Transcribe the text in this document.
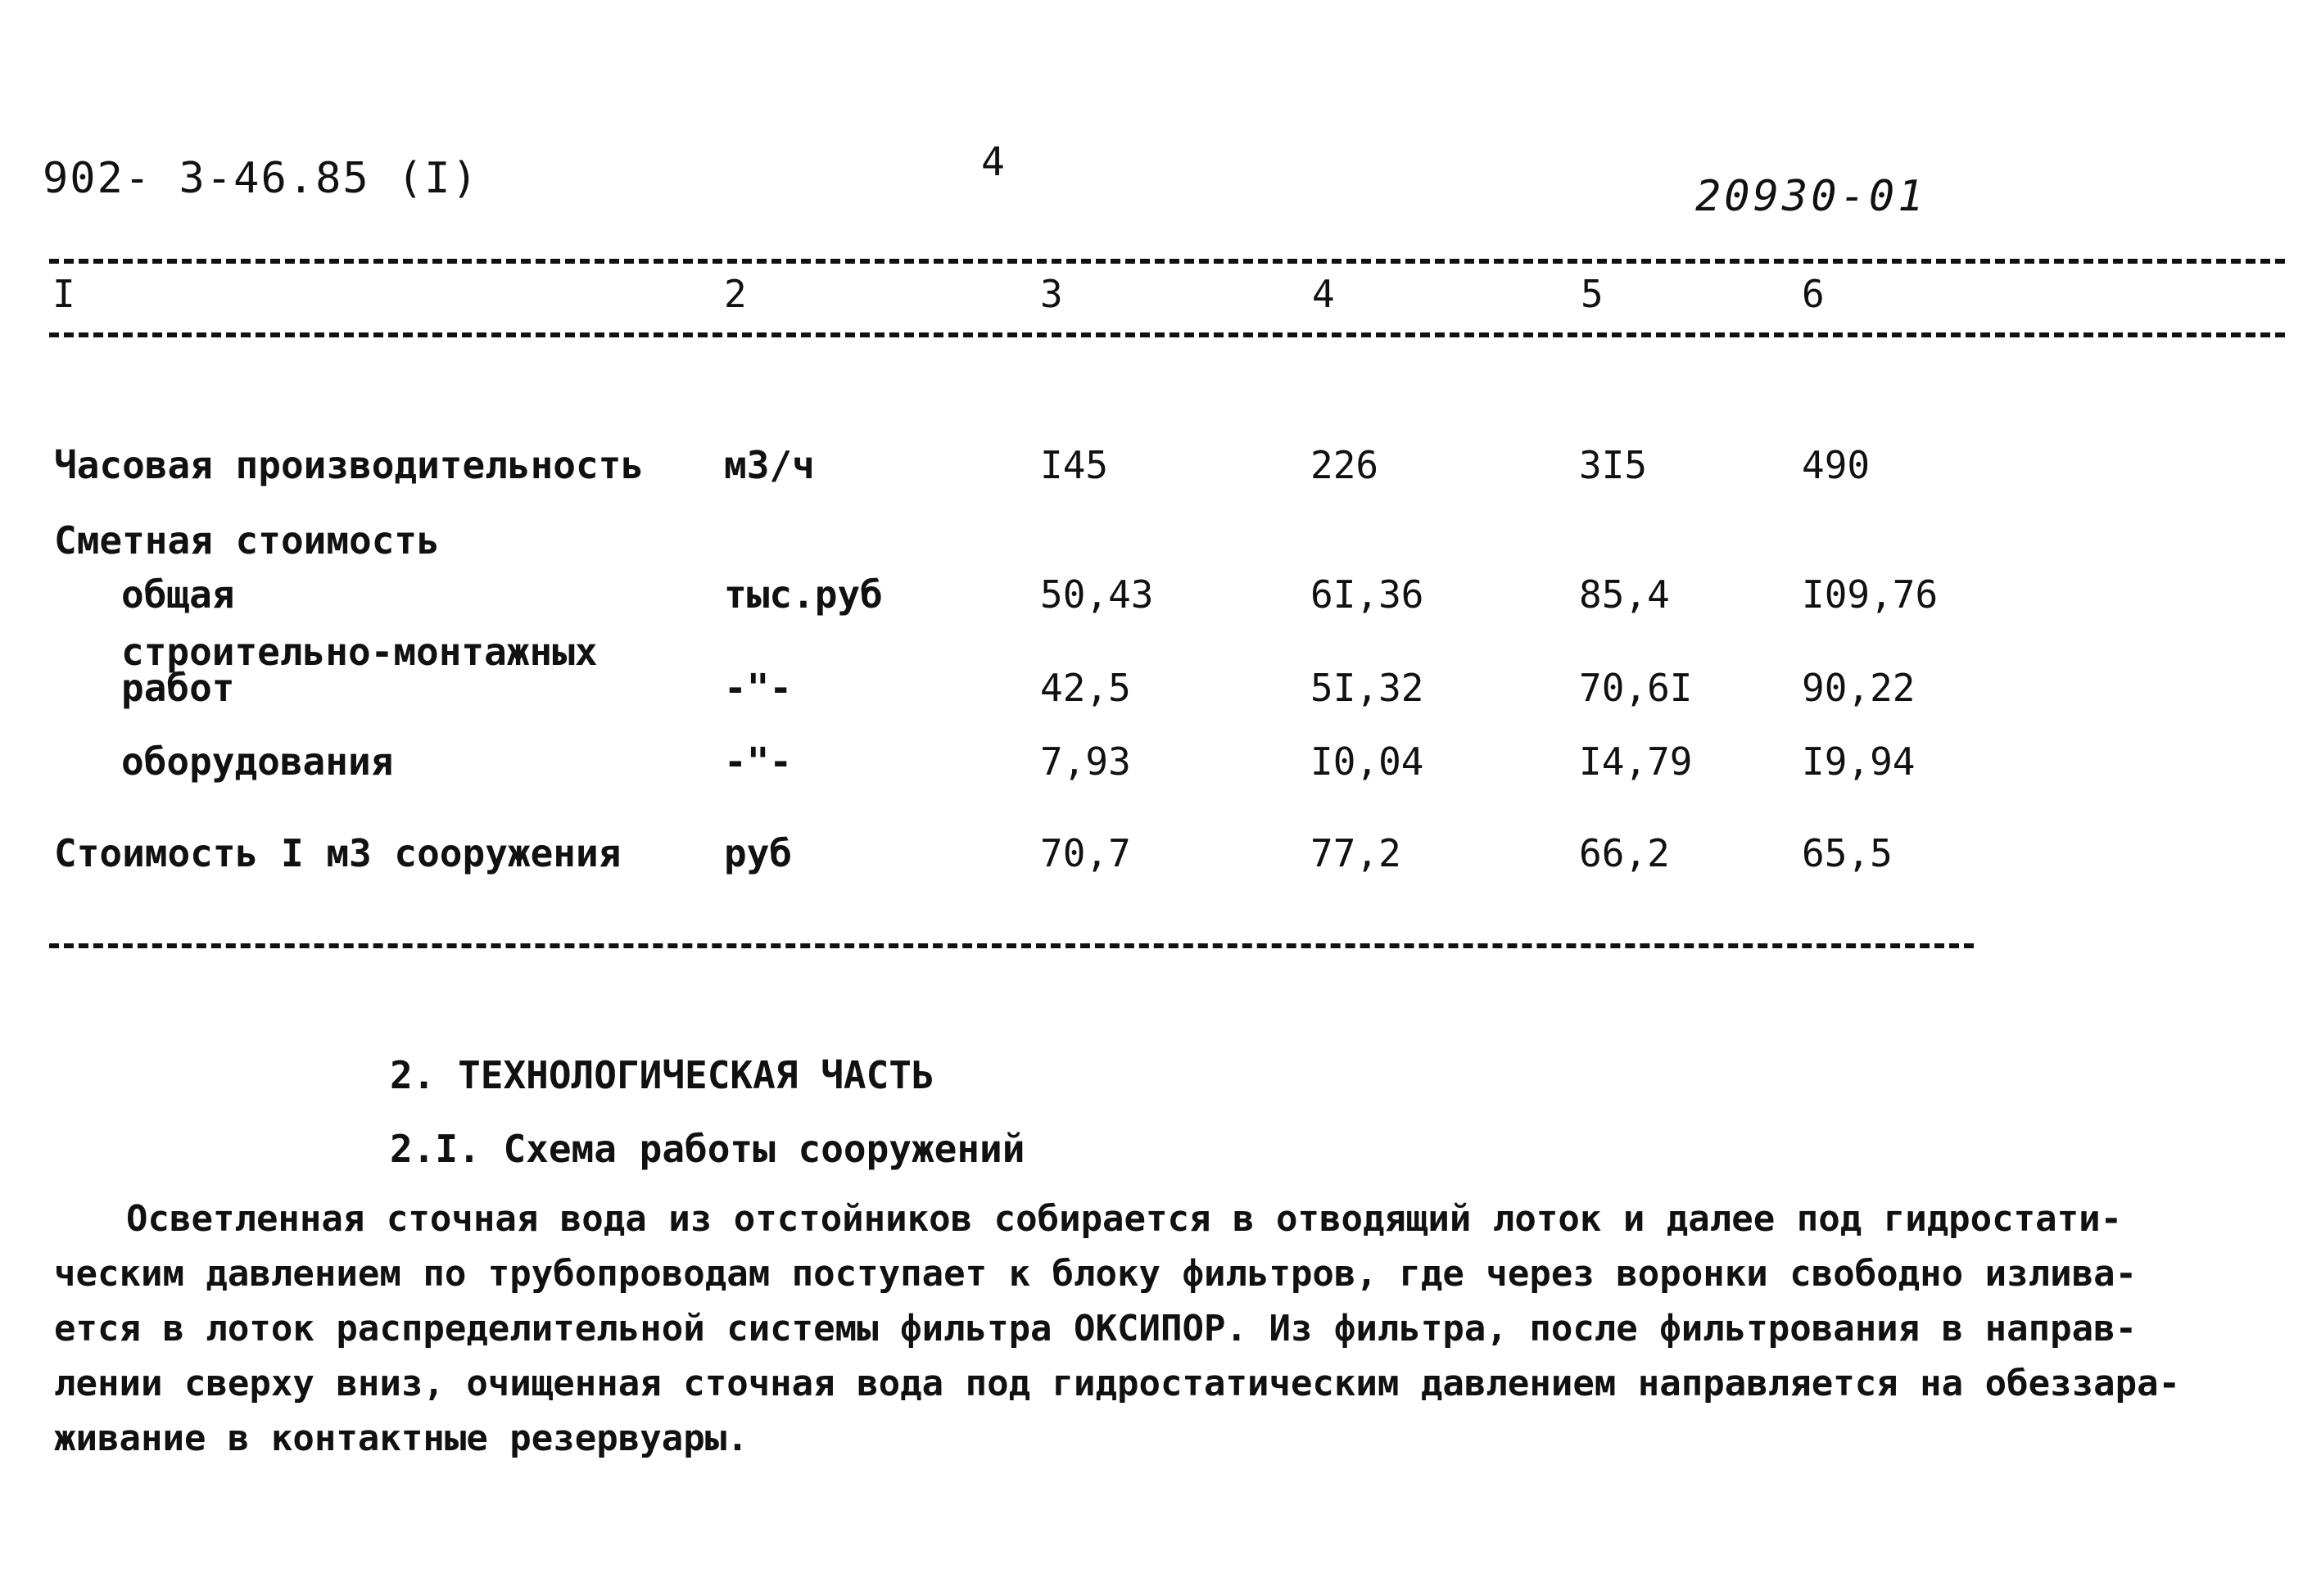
902- 3-46.85 (I)	4
20930-01
I	2	3	4	5	6
Часовая производительность м3/ч	I45	226	3I5	490
Сметная стоимость
общая	тыс.руб	50,43	6I,36	85,4	I09,76
строительно-монтажных
работ	-"-	42,5	5I,32	70,6I	90,22
оборудования	-"-	7,93	I0,04	I4,79	I9,94
Стоимость I м3 сооружения	руб	70,7	77,2	66,2	65,5
2. ТЕХНОЛОГИЧЕСКАЯ ЧАСТЬ
2.I. Схема работы сооружений
Осветленная сточная вода из отстойников собирается в отводящий лоток и далее под гидростати-
ческим давлением по трубопроводам поступает к блоку фильтров, где через воронки свободно излива-
ется в лоток распределительной системы фильтра ОКСИПОР. Из фильтра, после фильтрования в направ-
лении сверху вниз, очищенная сточная вода под гидростатическим давлением направляется на обеззара-
живание в контактные резервуары.
